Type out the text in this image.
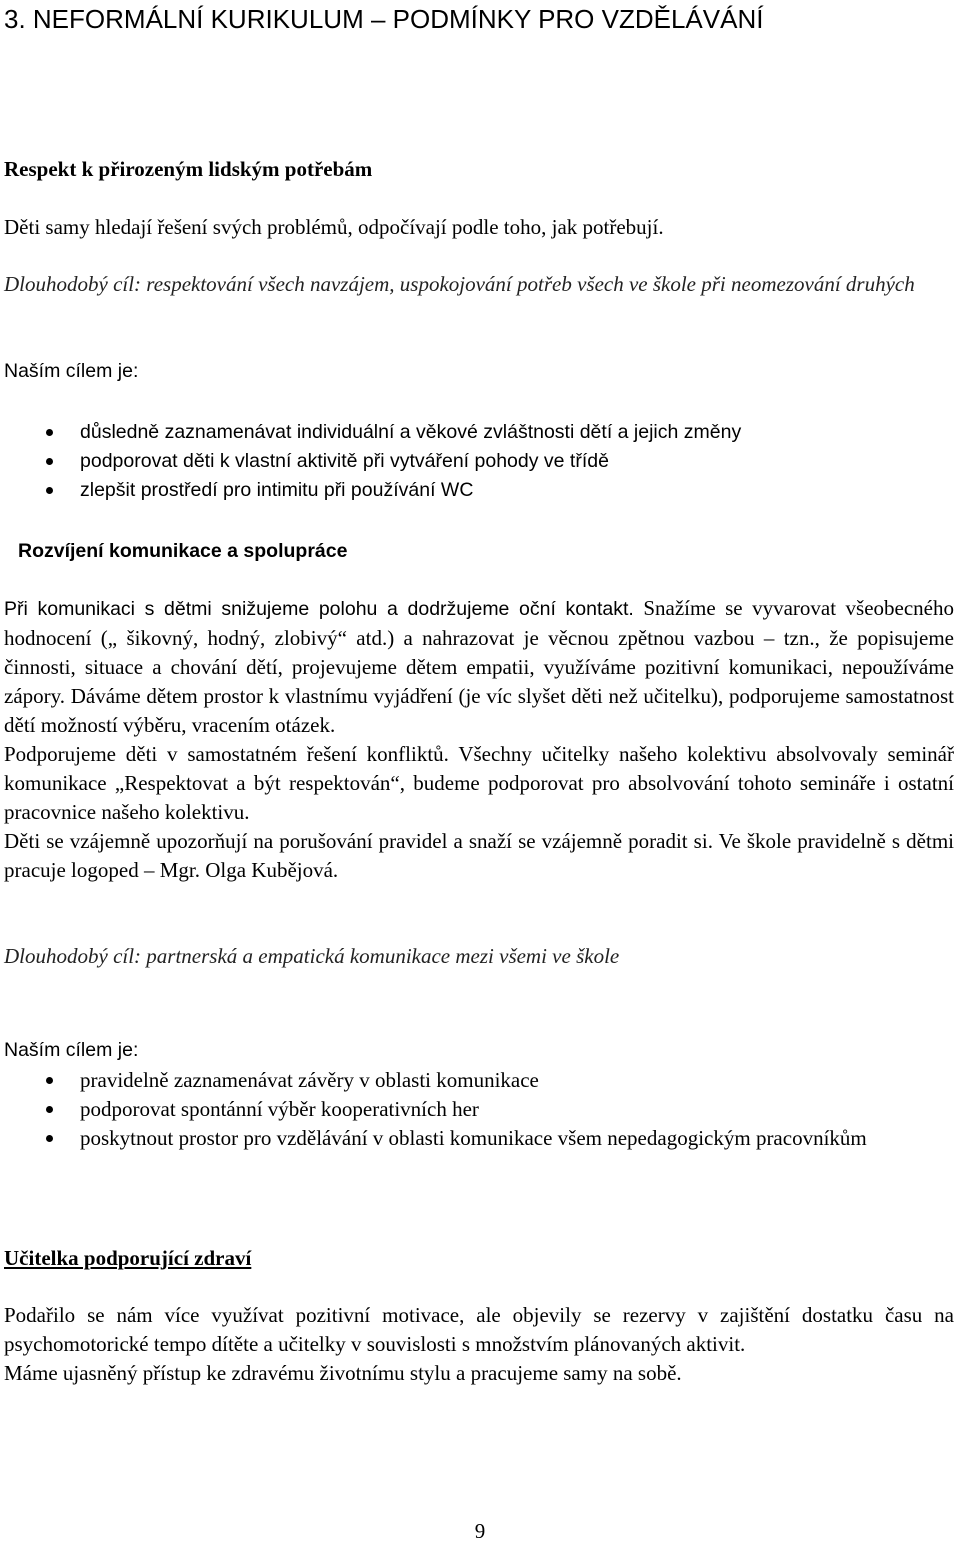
3. NEFORMÁLNÍ KURIKULUM – PODMÍNKY PRO VZDĚLÁVÁNÍ
Respekt k přirozeným lidským potřebám
Děti samy hledají řešení svých problémů, odpočívají podle toho, jak potřebují.
Dlouhodobý cíl: respektování všech navzájem, uspokojování potřeb všech ve škole při neomezování druhých
Naším cílem je:
důsledně zaznamenávat individuální a věkové zvláštnosti dětí a jejich změny
podporovat děti k vlastní aktivitě při vytváření pohody ve třídě
zlepšit prostředí pro intimitu při používání WC
Rozvíjení komunikace a spolupráce

Při komunikaci s dětmi snižujeme polohu a dodržujeme oční kontakt. Snažíme se vyvarovat všeobecného hodnocení („ šikovný, hodný, zlobivý“ atd.) a nahrazovat je věcnou zpětnou vazbou – tzn., že popisujeme činnosti, situace a chování dětí, projevujeme dětem empatii, využíváme pozitivní komunikaci, nepoužíváme zápory. Dáváme dětem prostor k vlastnímu vyjádření (je víc slyšet děti než učitelku), podporujeme samostatnost dětí možností výběru, vracením otázek.

Podporujeme děti v samostatném řešení konfliktů. Všechny učitelky našeho kolektivu absolvovaly seminář komunikace „Respektovat a být respektován“, budeme podporovat pro absolvování tohoto semináře i ostatní pracovnice našeho kolektivu.

Děti se vzájemně upozorňují na porušování pravidel a snaží se vzájemně poradit si. Ve škole pravidelně s dětmi pracuje logoped – Mgr. Olga Kubějová.

Dlouhodobý cíl: partnerská a empatická komunikace mezi všemi ve škole
Naším cílem je:
pravidelně zaznamenávat závěry v oblasti komunikace
podporovat spontánní výběr kooperativních her
poskytnout prostor pro vzdělávání v oblasti komunikace všem nepedagogickým pracovníkům
Učitelka podporující zdraví

Podařilo se nám více využívat pozitivní motivace, ale objevily se rezervy v zajištění dostatku času na psychomotorické tempo dítěte a učitelky v souvislosti s množstvím plánovaných aktivit.

Máme ujasněný přístup ke zdravému životnímu stylu a pracujeme samy na sobě.

9
